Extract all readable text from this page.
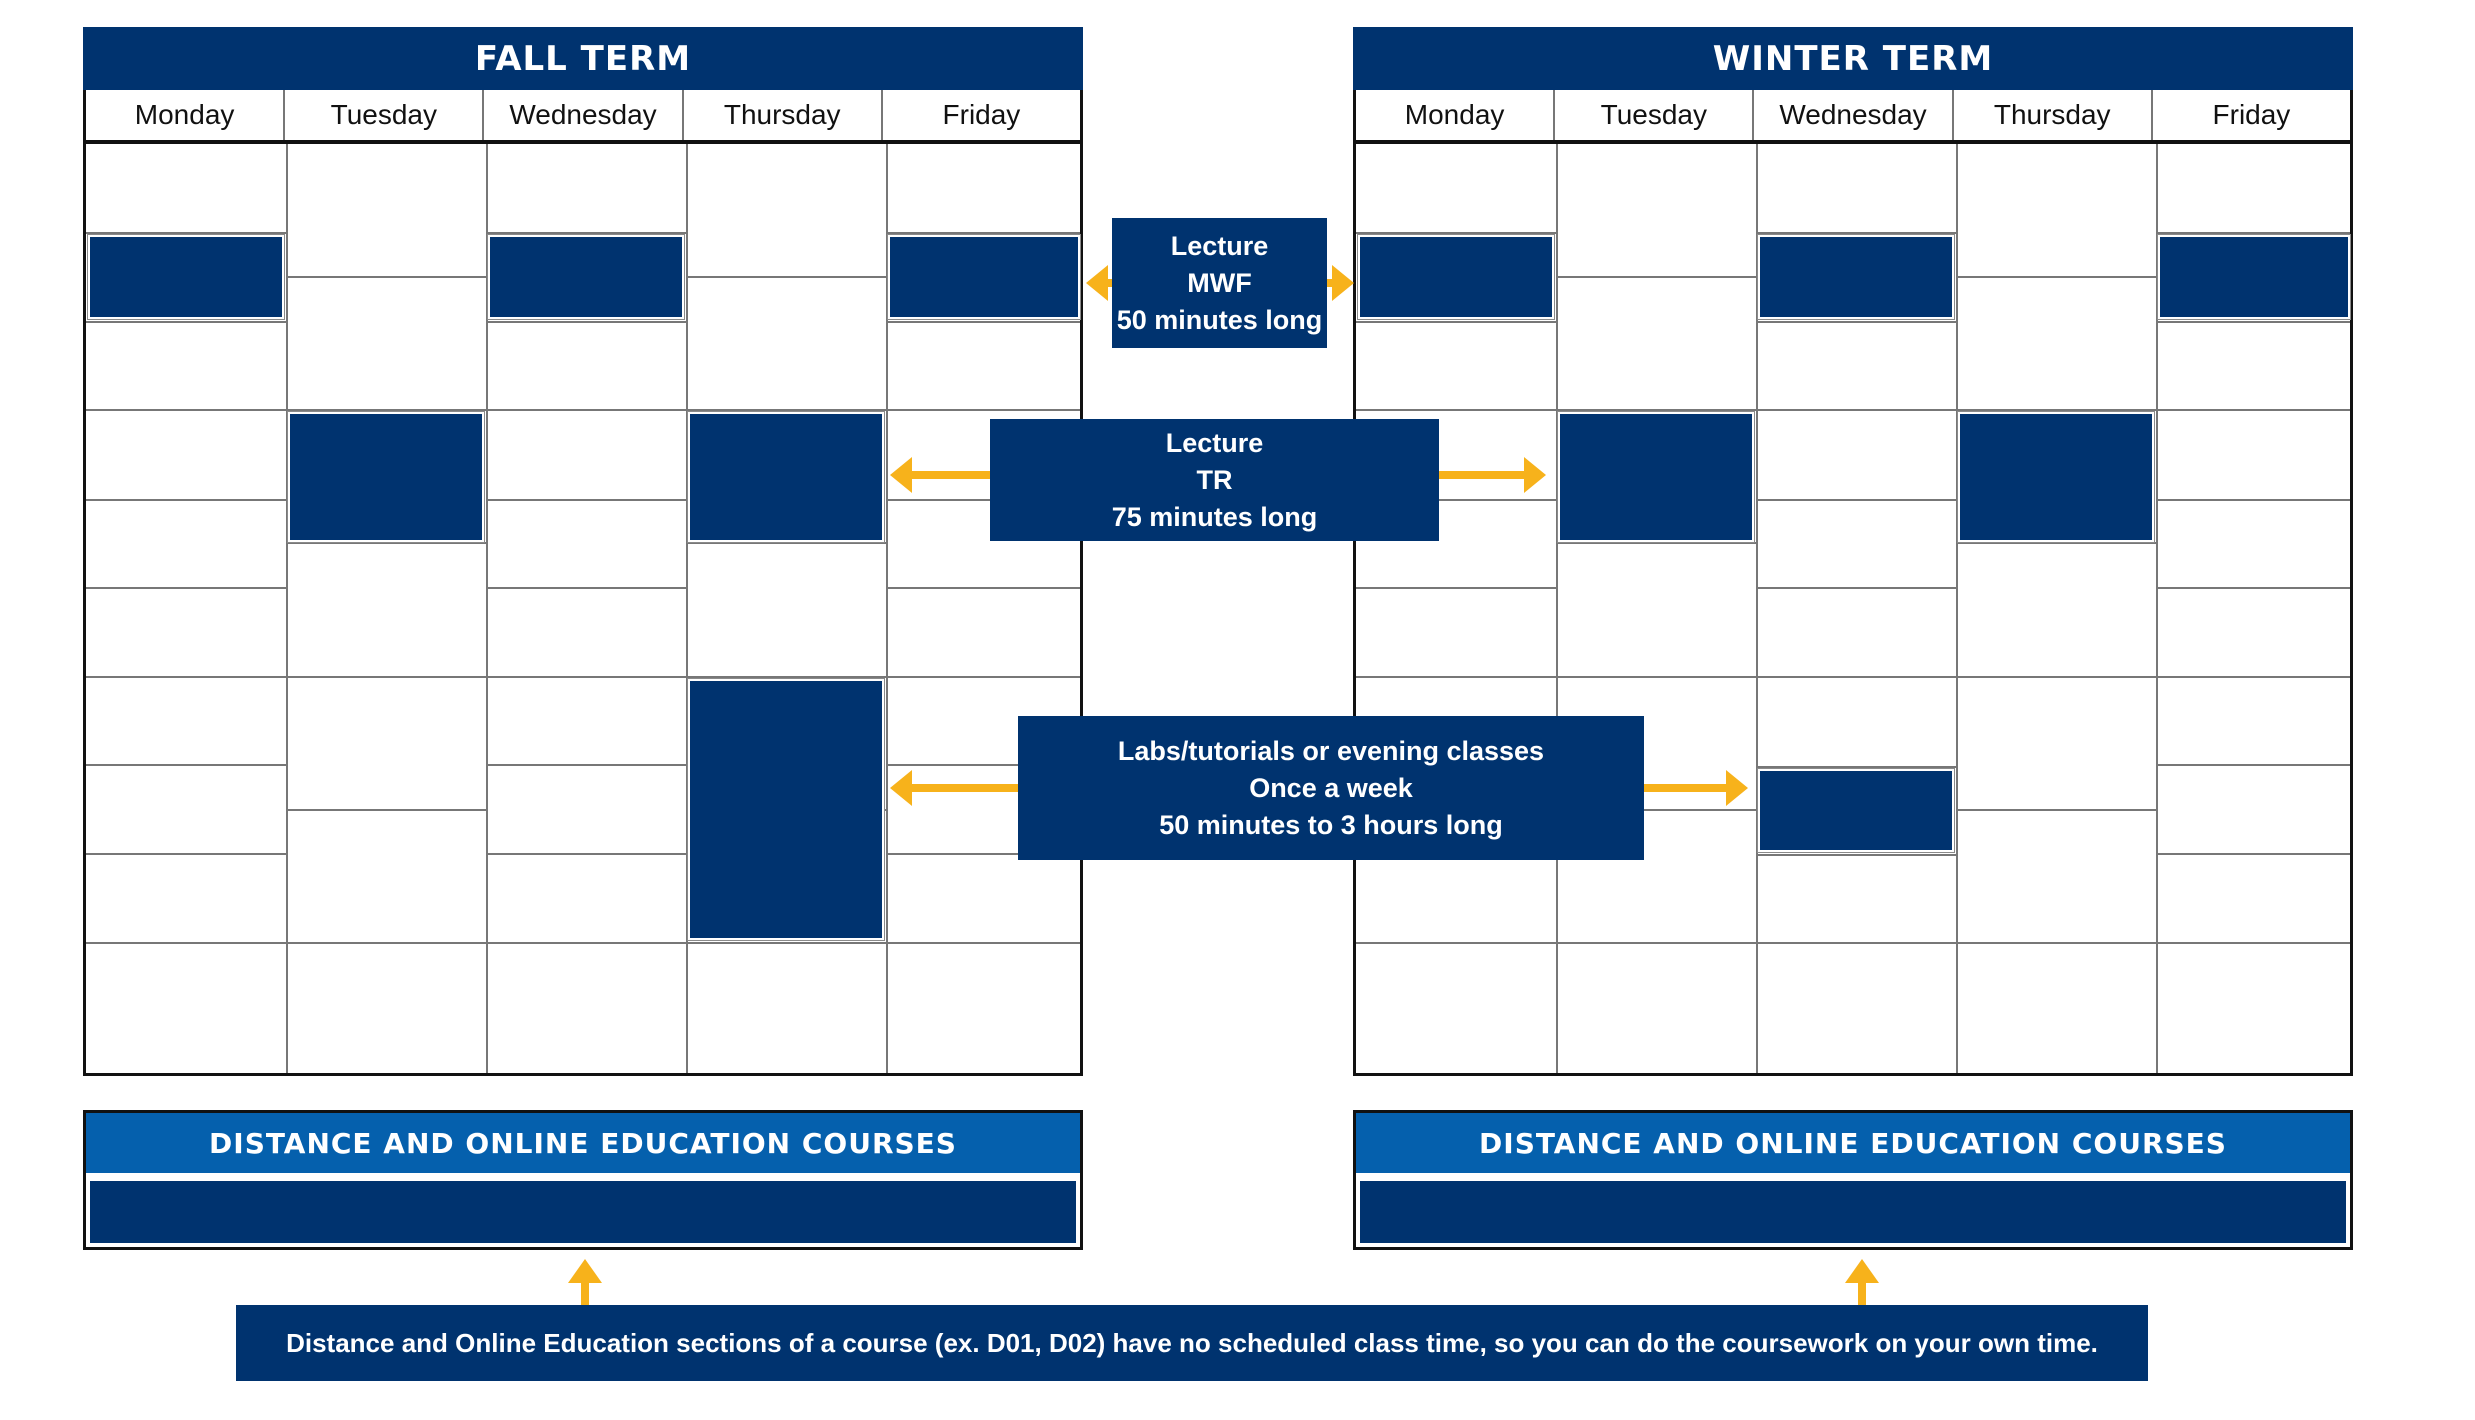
FALL TERM
Monday	Tuesday	Wednesday	Thursday	Friday
WINTER TERM
Monday	Tuesday	Wednesday	Thursday	Friday
Lecture
MWF
50 minutes long
Lecture
TR
75 minutes long
Labs/tutorials or evening classes
Once a week
50 minutes to 3 hours long
DISTANCE AND ONLINE EDUCATION COURSES	DISTANCE AND ONLINE EDUCATION COURSES
Distance and Online Education sections of a course (ex. D01, D02) have no scheduled class time, so you can do the coursework on your own time.
